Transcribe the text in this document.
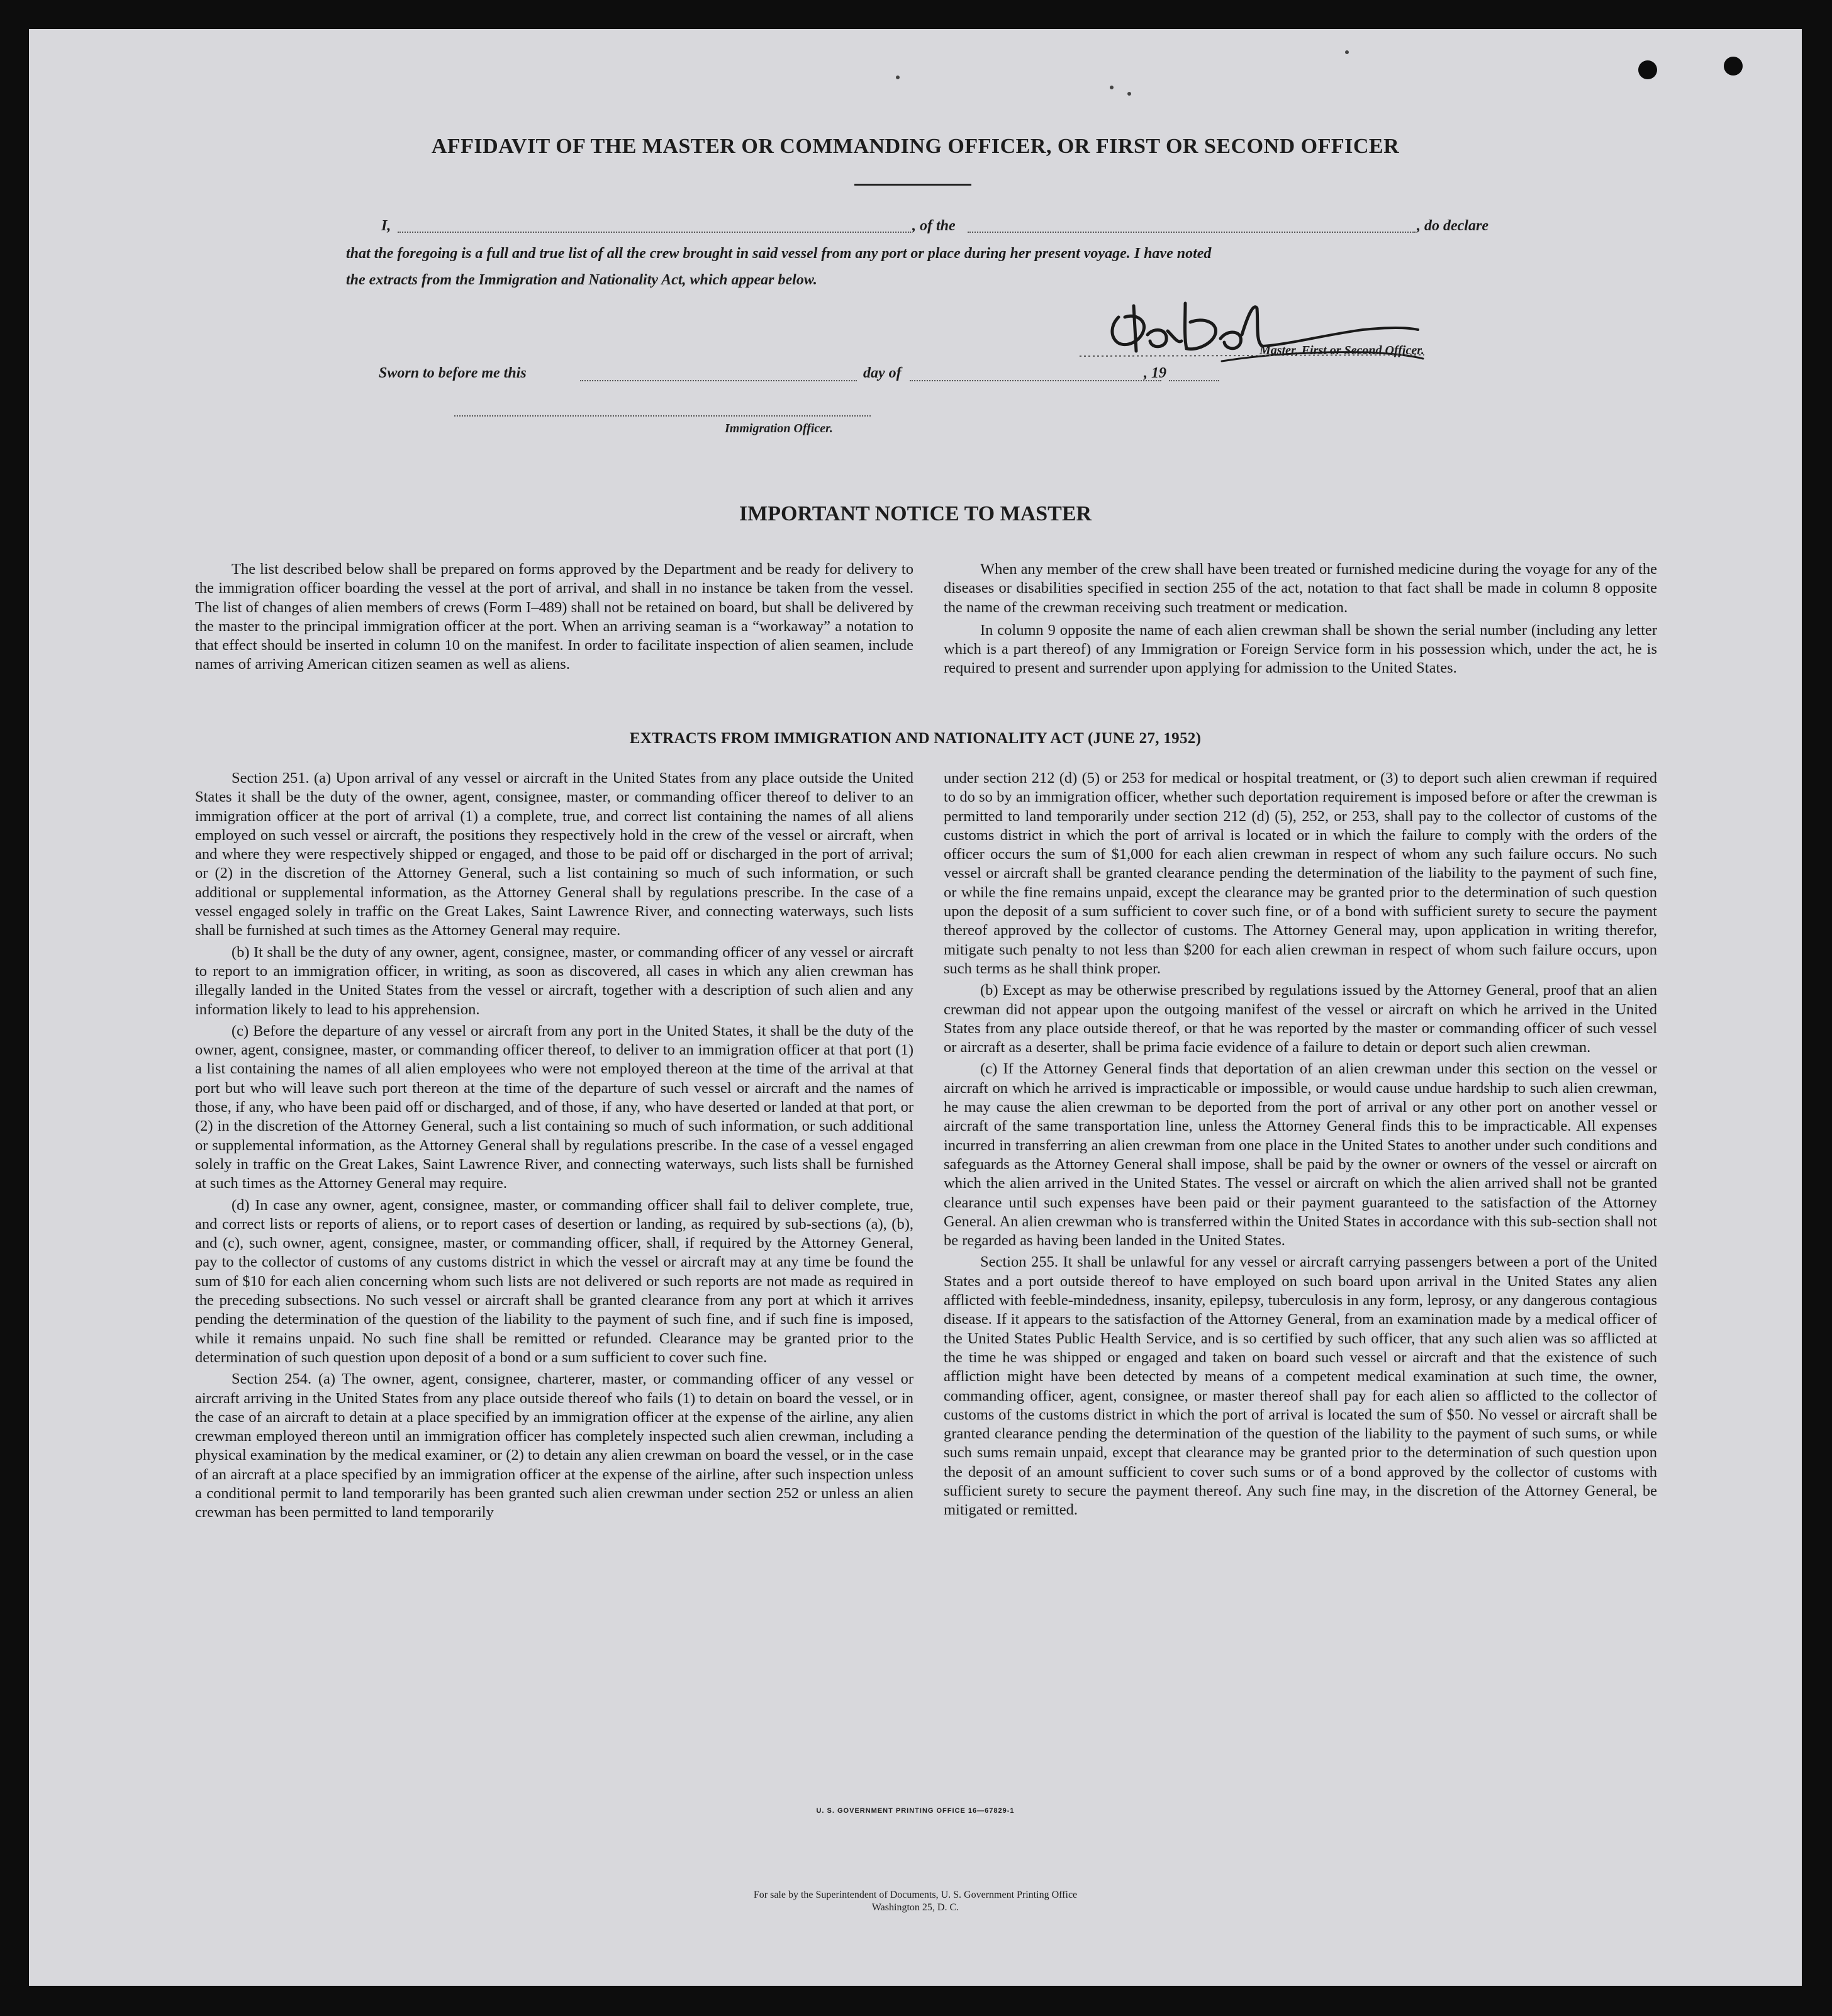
AFFIDAVIT OF THE MASTER OR COMMANDING OFFICER, OR FIRST OR SECOND OFFICER
I,	, of the	, do declare
that the foregoing is a full and true list of all the crew brought in said vessel from any port or place during her present voyage. I have noted
the extracts from the Immigration and Nationality Act, which appear below.
Master, First or Second Officer.
Sworn to before me this	day of	, 19
Immigration Officer.
IMPORTANT NOTICE TO MASTER

The list described below shall be prepared on forms approved by the Department and be ready for delivery to the immigration officer boarding the vessel at the port of arrival, and shall in no instance be taken from the vessel. The list of changes of alien members of crews (Form I–489) shall not be retained on board, but shall be delivered by the master to the principal immigration officer at the port. When an arriving seaman is a “workaway” a notation to that effect should be inserted in column 10 on the manifest. In order to facilitate inspection of alien seamen, include names of arriving American citizen seamen as well as aliens.

When any member of the crew shall have been treated or furnished medicine during the voyage for any of the diseases or disabilities specified in section 255 of the act, notation to that fact shall be made in column 8 opposite the name of the crewman receiving such treatment or medication.

In column 9 opposite the name of each alien crewman shall be shown the serial number (including any letter which is a part thereof) of any Immigration or Foreign Service form in his possession which, under the act, he is required to present and surrender upon applying for admission to the United States.

EXTRACTS FROM IMMIGRATION AND NATIONALITY ACT (JUNE 27, 1952)

Section 251. (a) Upon arrival of any vessel or aircraft in the United States from any place outside the United States it shall be the duty of the owner, agent, consignee, master, or commanding officer thereof to deliver to an immigration officer at the port of arrival (1) a complete, true, and correct list containing the names of all aliens employed on such vessel or aircraft, the positions they respectively hold in the crew of the vessel or aircraft, when and where they were respectively shipped or engaged, and those to be paid off or discharged in the port of arrival; or (2) in the discretion of the Attorney General, such a list containing so much of such information, or such additional or supplemental information, as the Attorney General shall by regulations prescribe. In the case of a vessel engaged solely in traffic on the Great Lakes, Saint Lawrence River, and connecting waterways, such lists shall be furnished at such times as the Attorney General may require.

(b) It shall be the duty of any owner, agent, consignee, master, or commanding officer of any vessel or aircraft to report to an immigration officer, in writing, as soon as discovered, all cases in which any alien crewman has illegally landed in the United States from the vessel or aircraft, together with a description of such alien and any information likely to lead to his apprehension.

(c) Before the departure of any vessel or aircraft from any port in the United States, it shall be the duty of the owner, agent, consignee, master, or commanding officer thereof, to deliver to an immigration officer at that port (1) a list containing the names of all alien employees who were not employed thereon at the time of the arrival at that port but who will leave such port thereon at the time of the departure of such vessel or aircraft and the names of those, if any, who have been paid off or discharged, and of those, if any, who have deserted or landed at that port, or (2) in the discretion of the Attorney General, such a list containing so much of such information, or such additional or supplemental information, as the Attorney General shall by regulations prescribe. In the case of a vessel engaged solely in traffic on the Great Lakes, Saint Lawrence River, and connecting waterways, such lists shall be furnished at such times as the Attorney General may require.

(d) In case any owner, agent, consignee, master, or commanding officer shall fail to deliver complete, true, and correct lists or reports of aliens, or to report cases of desertion or landing, as required by sub-sections (a), (b), and (c), such owner, agent, consignee, master, or commanding officer, shall, if required by the Attorney General, pay to the collector of customs of any customs district in which the vessel or aircraft may at any time be found the sum of $10 for each alien concerning whom such lists are not delivered or such reports are not made as required in the preceding subsections. No such vessel or aircraft shall be granted clearance from any port at which it arrives pending the determination of the question of the liability to the payment of such fine, and if such fine is imposed, while it remains unpaid. No such fine shall be remitted or refunded. Clearance may be granted prior to the determination of such question upon deposit of a bond or a sum sufficient to cover such fine.

Section 254. (a) The owner, agent, consignee, charterer, master, or commanding officer of any vessel or aircraft arriving in the United States from any place outside thereof who fails (1) to detain on board the vessel, or in the case of an aircraft to detain at a place specified by an immigration officer at the expense of the airline, any alien crewman employed thereon until an immigration officer has completely inspected such alien crewman, including a physical examination by the medical examiner, or (2) to detain any alien crewman on board the vessel, or in the case of an aircraft at a place specified by an immigration officer at the expense of the airline, after such inspection unless a conditional permit to land temporarily has been granted such alien crewman under section 252 or unless an alien crewman has been permitted to land temporarily

under section 212 (d) (5) or 253 for medical or hospital treatment, or (3) to deport such alien crewman if required to do so by an immigration officer, whether such deportation requirement is imposed before or after the crewman is permitted to land temporarily under section 212 (d) (5), 252, or 253, shall pay to the collector of customs of the customs district in which the port of arrival is located or in which the failure to comply with the orders of the officer occurs the sum of $1,000 for each alien crewman in respect of whom any such failure occurs. No such vessel or aircraft shall be granted clearance pending the determination of the liability to the payment of such fine, or while the fine remains unpaid, except the clearance may be granted prior to the determination of such question upon the deposit of a sum sufficient to cover such fine, or of a bond with sufficient surety to secure the payment thereof approved by the collector of customs. The Attorney General may, upon application in writing therefor, mitigate such penalty to not less than $200 for each alien crewman in respect of whom such failure occurs, upon such terms as he shall think proper.

(b) Except as may be otherwise prescribed by regulations issued by the Attorney General, proof that an alien crewman did not appear upon the outgoing manifest of the vessel or aircraft on which he arrived in the United States from any place outside thereof, or that he was reported by the master or commanding officer of such vessel or aircraft as a deserter, shall be prima facie evidence of a failure to detain or deport such alien crewman.

(c) If the Attorney General finds that deportation of an alien crewman under this section on the vessel or aircraft on which he arrived is impracticable or impossible, or would cause undue hardship to such alien crewman, he may cause the alien crewman to be deported from the port of arrival or any other port on another vessel or aircraft of the same transportation line, unless the Attorney General finds this to be impracticable. All expenses incurred in transferring an alien crewman from one place in the United States to another under such conditions and safeguards as the Attorney General shall impose, shall be paid by the owner or owners of the vessel or aircraft on which the alien arrived in the United States. The vessel or aircraft on which the alien arrived shall not be granted clearance until such expenses have been paid or their payment guaranteed to the satisfaction of the Attorney General. An alien crewman who is transferred within the United States in accordance with this sub-section shall not be regarded as having been landed in the United States.

Section 255. It shall be unlawful for any vessel or aircraft carrying passengers between a port of the United States and a port outside thereof to have employed on such board upon arrival in the United States any alien afflicted with feeble-mindedness, insanity, epilepsy, tuberculosis in any form, leprosy, or any dangerous contagious disease. If it appears to the satisfaction of the Attorney General, from an examination made by a medical officer of the United States Public Health Service, and is so certified by such officer, that any such alien was so afflicted at the time he was shipped or engaged and taken on board such vessel or aircraft and that the existence of such affliction might have been detected by means of a competent medical examination at such time, the owner, commanding officer, agent, consignee, or master thereof shall pay for each alien so afflicted to the collector of customs of the customs district in which the port of arrival is located the sum of $50. No vessel or aircraft shall be granted clearance pending the determination of the question of the liability to the payment of such sums, or while such sums remain unpaid, except that clearance may be granted prior to the determination of such question upon the deposit of an amount sufficient to cover such sums or of a bond approved by the collector of customs with sufficient surety to secure the payment thereof. Any such fine may, in the discretion of the Attorney General, be mitigated or remitted.

U. S. GOVERNMENT PRINTING OFFICE 16—67829-1
For sale by the Superintendent of Documents, U. S. Government Printing Office
Washington 25, D. C.
